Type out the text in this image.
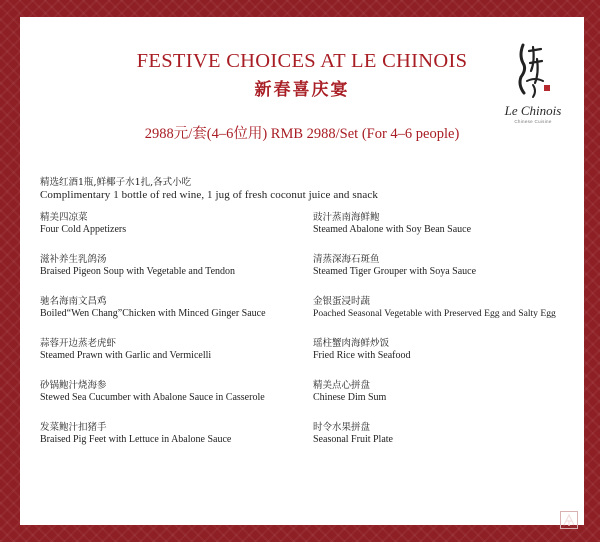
FESTIVE CHOICES AT LE CHINOIS
新春喜庆宴
2988元/套(4–6位用) RMB 2988/Set (For 4–6 people)
Le Chinois
Chinese Cuisine
精选红酒1瓶,鲜椰子水1扎,各式小吃
Complimentary 1 bottle of red wine, 1 jug of fresh coconut juice and snack
精美四凉菜
Four Cold Appetizers
滋补养生乳鸽汤
Braised Pigeon Soup with Vegetable and Tendon
驰名海南文昌鸡
Boiled“Wen Chang”Chicken with Minced Ginger Sauce
蒜蓉开边蒸老虎虾
Steamed Prawn with Garlic and Vermicelli
砂锅鲍汁烧海参
Stewed Sea Cucumber with Abalone Sauce in Casserole
发菜鲍汁扣猪手
Braised Pig Feet with Lettuce in Abalone Sauce
豉汁蒸南海鲜鲍
Steamed Abalone with Soy Bean Sauce
清蒸深海石斑鱼
Steamed Tiger Grouper with Soya Sauce
金银蛋浸时蔬
Poached Seasonal Vegetable with Preserved Egg and Salty Egg
瑶柱蟹肉海鲜炒饭
Fried Rice with Seafood
精美点心拼盘
Chinese Dim Sum
时令水果拼盘
Seasonal Fruit Plate
